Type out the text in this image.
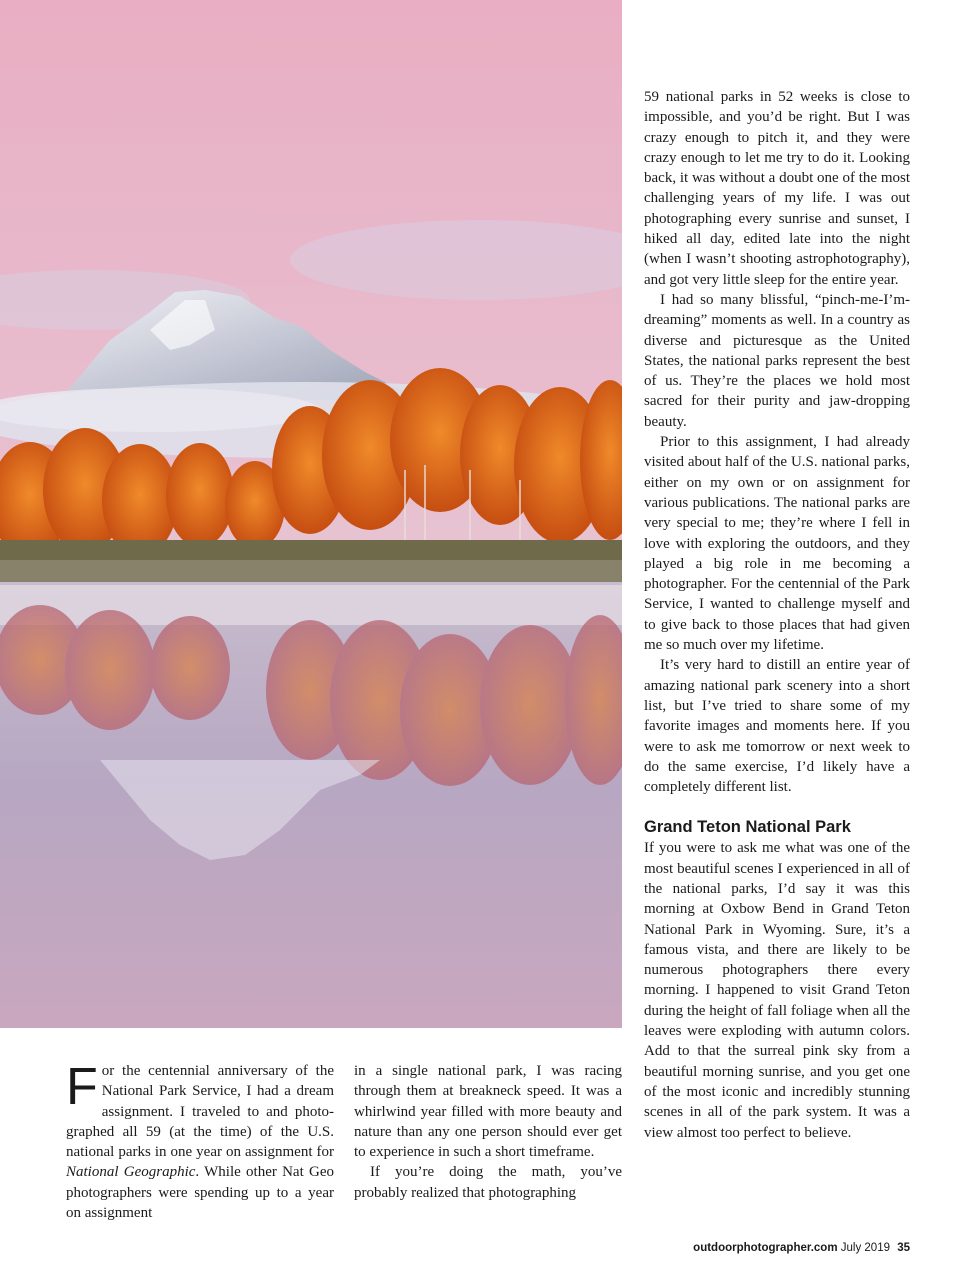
For the centennial anniversary of the National Park Service, I had a dream assignment. I traveled to and photographed all 59 (at the time) of the U.S. national parks in one year on assignment for National Geographic. While other Nat Geo photographers were spending up to a year on assignment

in a single national park, I was racing through them at breakneck speed. It was a whirlwind year filled with more beauty and nature than any one person should ever get to experience in such a short timeframe.

If you’re doing the math, you’ve probably realized that photographing

59 national parks in 52 weeks is close to impossible, and you’d be right. But I was crazy enough to pitch it, and they were crazy enough to let me try to do it. Looking back, it was without a doubt one of the most challenging years of my life. I was out photographing every sunrise and sunset, I hiked all day, edited late into the night (when I wasn’t shooting astrophotography), and got very little sleep for the entire year.

I had so many blissful, “pinch-me-I’m-dreaming” moments as well. In a country as diverse and picturesque as the United States, the national parks represent the best of us. They’re the places we hold most sacred for their purity and jaw-dropping beauty.

Prior to this assignment, I had already visited about half of the U.S. national parks, either on my own or on assignment for various publications. The national parks are very special to me; they’re where I fell in love with exploring the outdoors, and they played a big role in me becoming a photographer. For the centennial of the Park Service, I wanted to challenge myself and to give back to those places that had given me so much over my lifetime.

It’s very hard to distill an entire year of amazing national park scenery into a short list, but I’ve tried to share some of my favorite images and moments here. If you were to ask me tomorrow or next week to do the same exercise, I’d likely have a completely different list.

Grand Teton National Park

If you were to ask me what was one of the most beautiful scenes I experienced in all of the national parks, I’d say it was this morning at Oxbow Bend in Grand Teton National Park in Wyoming. Sure, it’s a famous vista, and there are likely to be numerous photographers there every morning. I happened to visit Grand Teton during the height of fall foliage when all the leaves were exploding with autumn colors. Add to that the surreal pink sky from a beautiful morning sunrise, and you get one of the most iconic and incredibly stunning scenes in all of the park system. It was a view almost too perfect to believe.

outdoorphotographer.com July 2019 35
